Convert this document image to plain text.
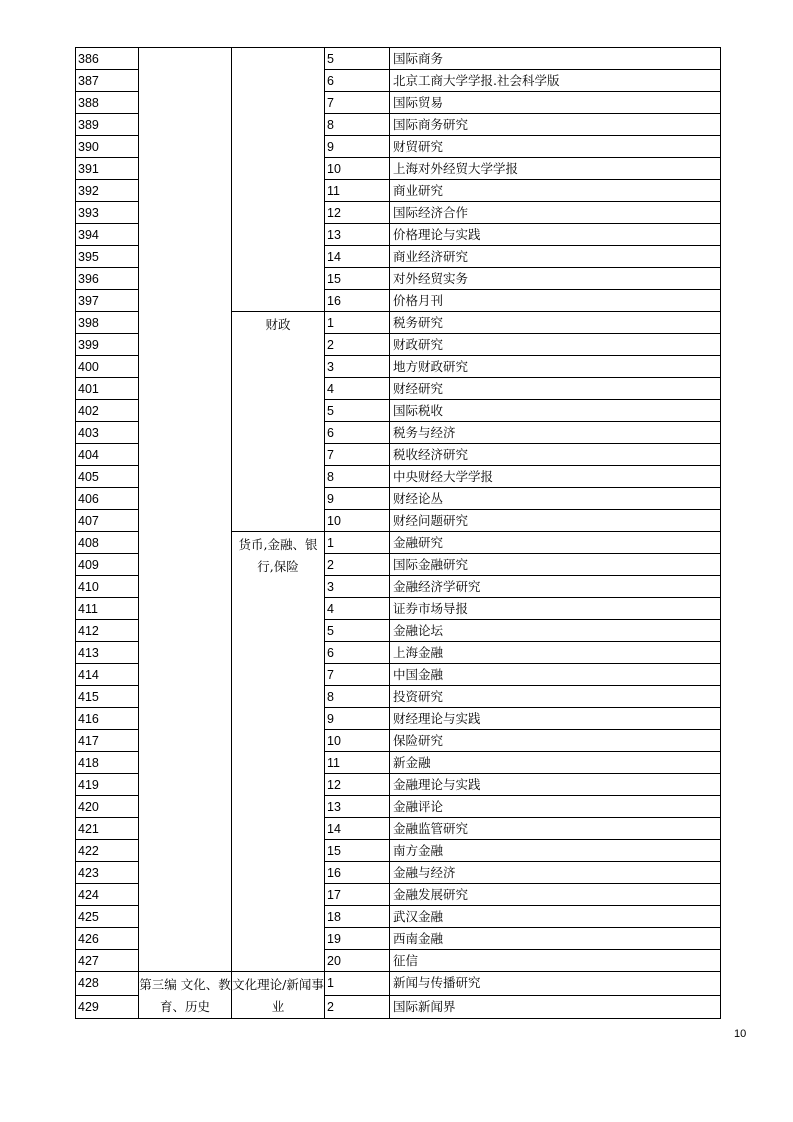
386			5	国际商务
387			6	北京工商大学学报.社会科学版
388			7	国际贸易
389			8	国际商务研究
390			9	财贸研究
391			10	上海对外经贸大学学报
392			11	商业研究
393			12	国际经济合作
394			13	价格理论与实践
395			14	商业经济研究
396			15	对外经贸实务
397			16	价格月刊
398		财政	1	税务研究
399			2	财政研究
400			3	地方财政研究
401			4	财经研究
402			5	国际税收
403			6	税务与经济
404			7	税收经济研究
405			8	中央财经大学学报
406			9	财经论丛
407			10	财经问题研究
408		货币,金融、银行,保险	1	金融研究
409			2	国际金融研究
410			3	金融经济学研究
411			4	证券市场导报
412			5	金融论坛
413			6	上海金融
414			7	中国金融
415			8	投资研究
416			9	财经理论与实践
417			10	保险研究
418			11	新金融
419			12	金融理论与实践
420			13	金融评论
421			14	金融监管研究
422			15	南方金融
423			16	金融与经济
424			17	金融发展研究
425			18	武汉金融
426			19	西南金融
427			20	征信
428	第三编 文化、教育、历史	文化理论/新闻事业	1	新闻与传播研究
429			2	国际新闻界
10
